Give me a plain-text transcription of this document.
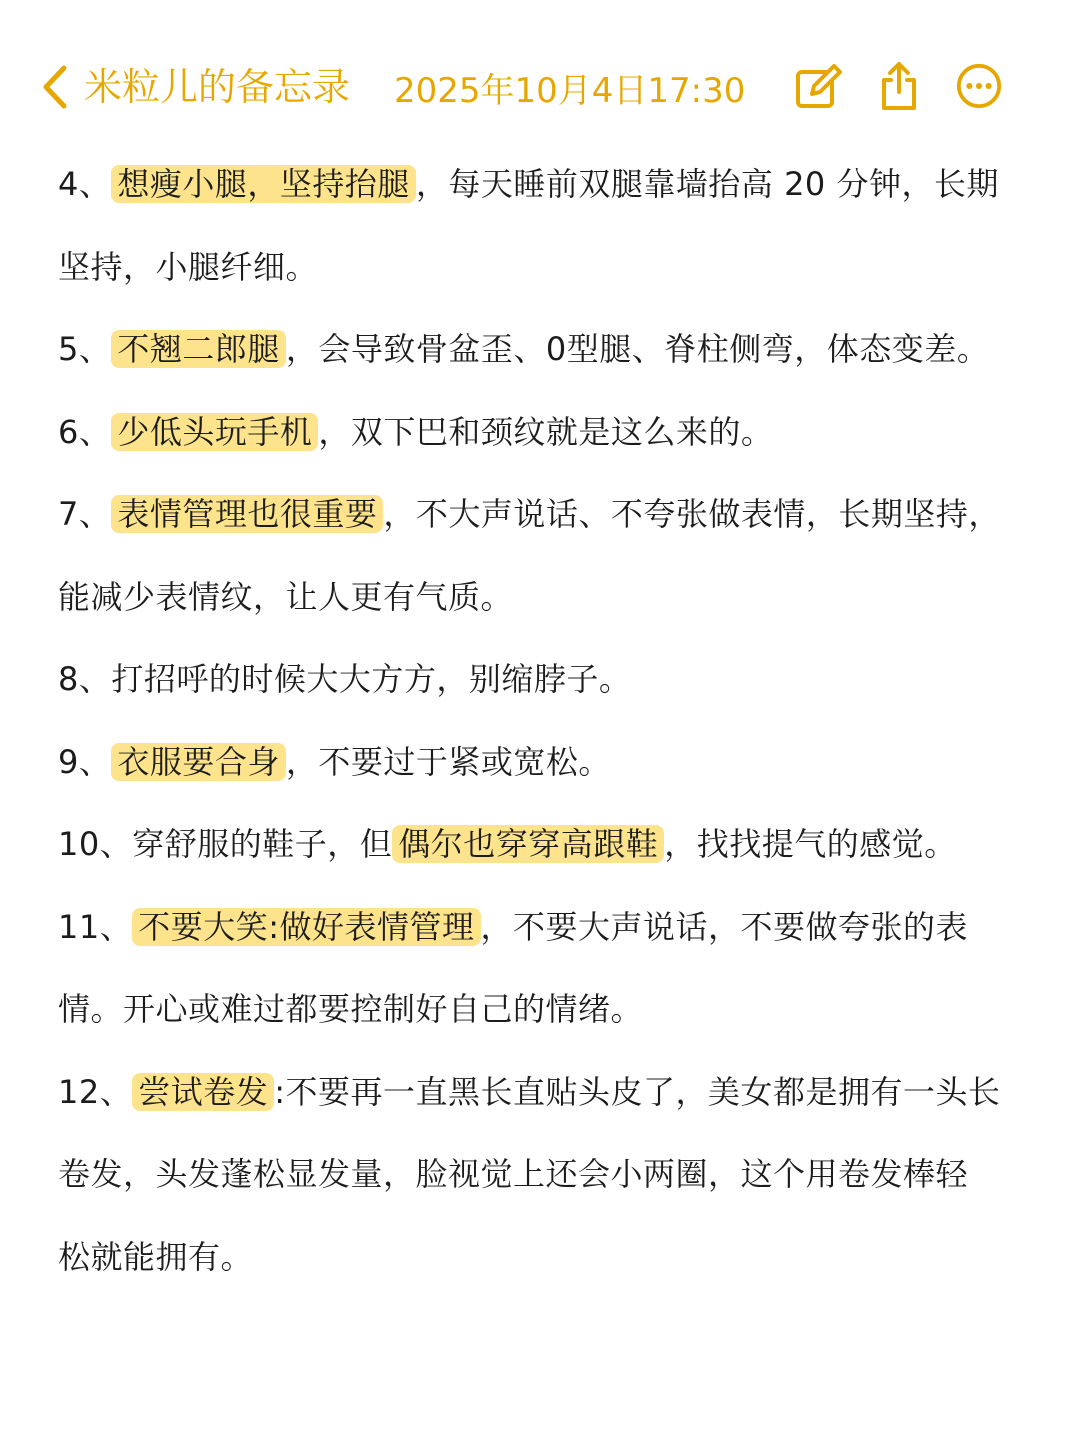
米粒儿的备忘录 2025年10月4日17:30

4、 想瘦小腿，坚持抬腿 ，每天睡前双腿靠墙抬高 20 分钟，长期

坚持，小腿纤细。

5、 不翘二郎腿 ，会导致骨盆歪、0型腿、脊柱侧弯，体态变差。

6、 少低头玩手机 ，双下巴和颈纹就是这么来的。

7、 表情管理也很重要 ，不大声说话、不夸张做表情，长期坚持，

能减少表情纹，让人更有气质。

8、打招呼的时候大大方方，别缩脖子。

9、 衣服要合身 ，不要过于紧或宽松。

10、穿舒服的鞋子，但 偶尔也穿穿高跟鞋 ，找找提气的感觉。

11、 不要大笑:做好表情管理 ，不要大声说话，不要做夸张的表

情。开心或难过都要控制好自己的情绪。

12、 尝试卷发 :不要再一直黑长直贴头皮了，美女都是拥有一头长

卷发，头发蓬松显发量，脸视觉上还会小两圈，这个用卷发棒轻

松就能拥有。
